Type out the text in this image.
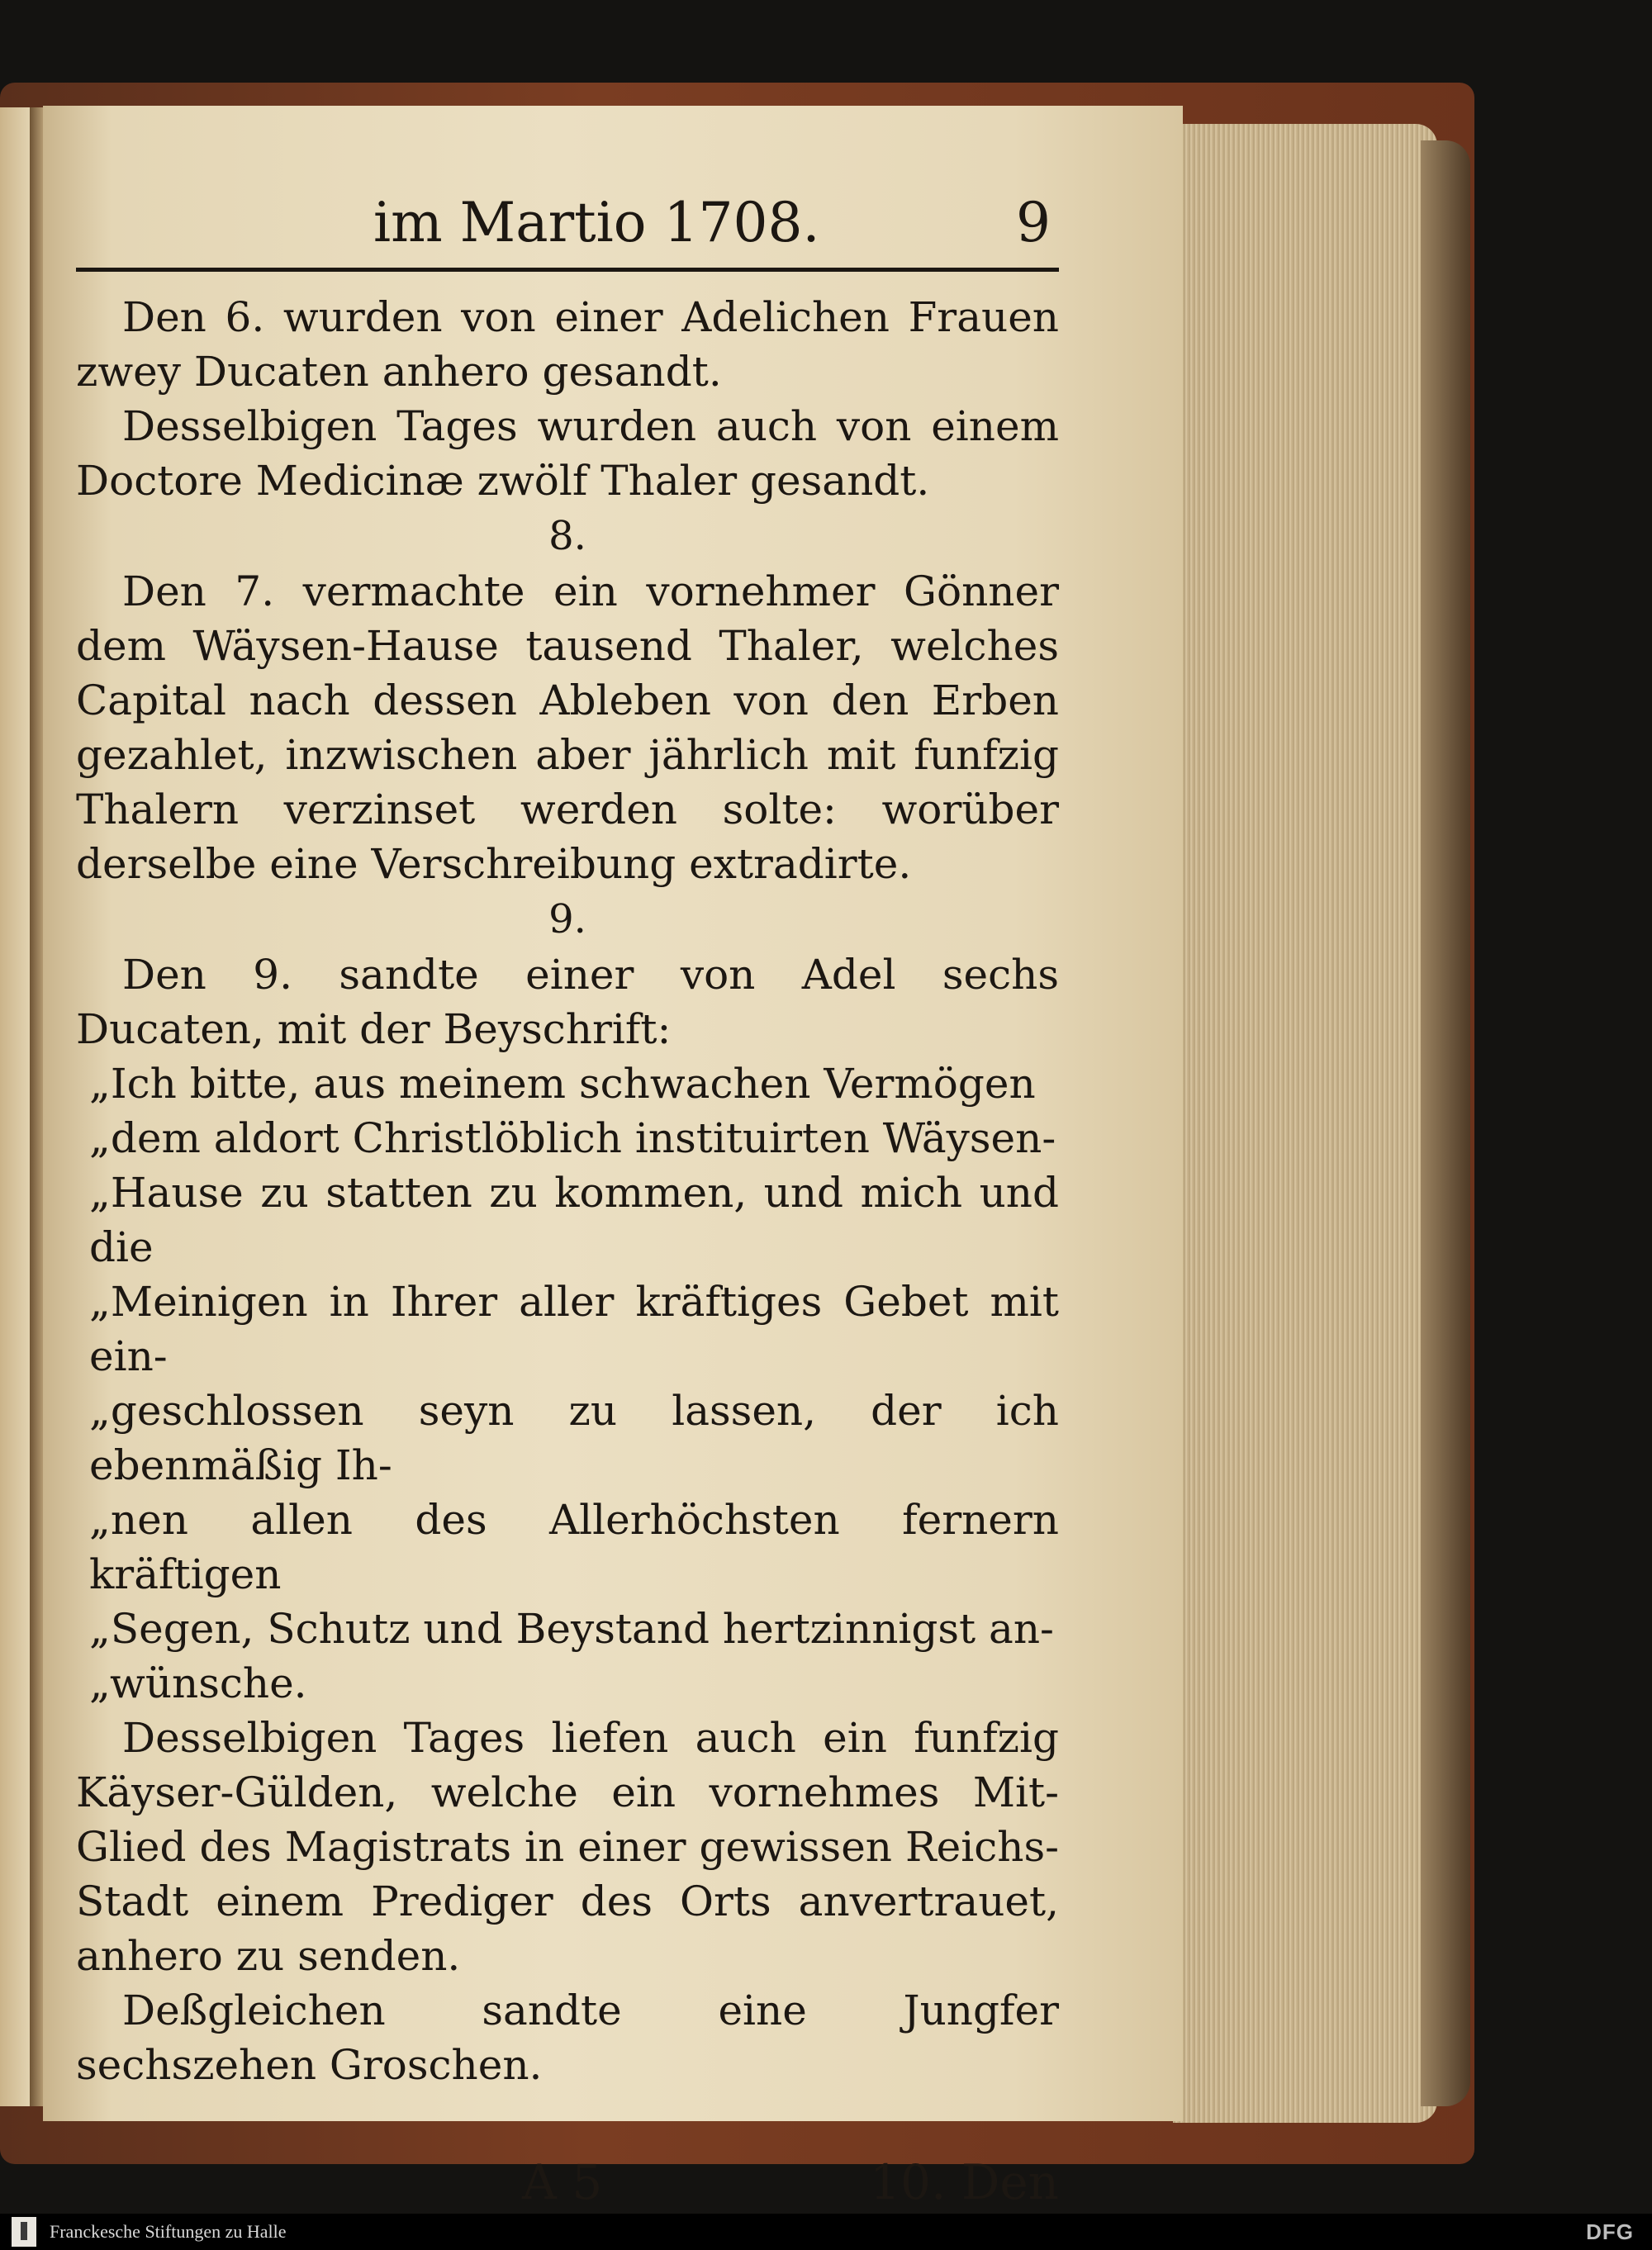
im Martio 1708.	9

Den 6. wurden von einer Adelichen Frauen zwey Ducaten anhero gesandt.

Desselbigen Tages wurden auch von einem Doctore Medicinæ zwölf Thaler gesandt.

8.

Den 7. vermachte ein vornehmer Gönner dem Wäysen-Hause tausend Thaler, welches Capital nach dessen Ableben von den Erben gezahlet, inzwischen aber jährlich mit funfzig Thalern verzinset werden solte: worüber derselbe eine Verschreibung extradirte.

9.

Den 9. sandte einer von Adel sechs Ducaten, mit der Beyschrift:

„Ich bitte, aus meinem schwachen Vermögen

„dem aldort Christlöblich instituirten Wäysen-

„Hause zu statten zu kommen, und mich und die

„Meinigen in Ihrer aller kräftiges Gebet mit ein-

„geschlossen seyn zu lassen, der ich ebenmäßig Ih-

„nen allen des Allerhöchsten fernern kräftigen

„Segen, Schutz und Beystand hertzinnigst an-

„wünsche.

Desselbigen Tages liefen auch ein funfzig Käyser-Gülden, welche ein vornehmes Mit-Glied des Magistrats in einer gewissen Reichs-Stadt einem Prediger des Orts anvertrauet, anhero zu senden.

Deßgleichen sandte eine Jungfer sechszehen Groschen.

A 5	10. Den
Franckesche Stiftungen zu Halle	DFG
